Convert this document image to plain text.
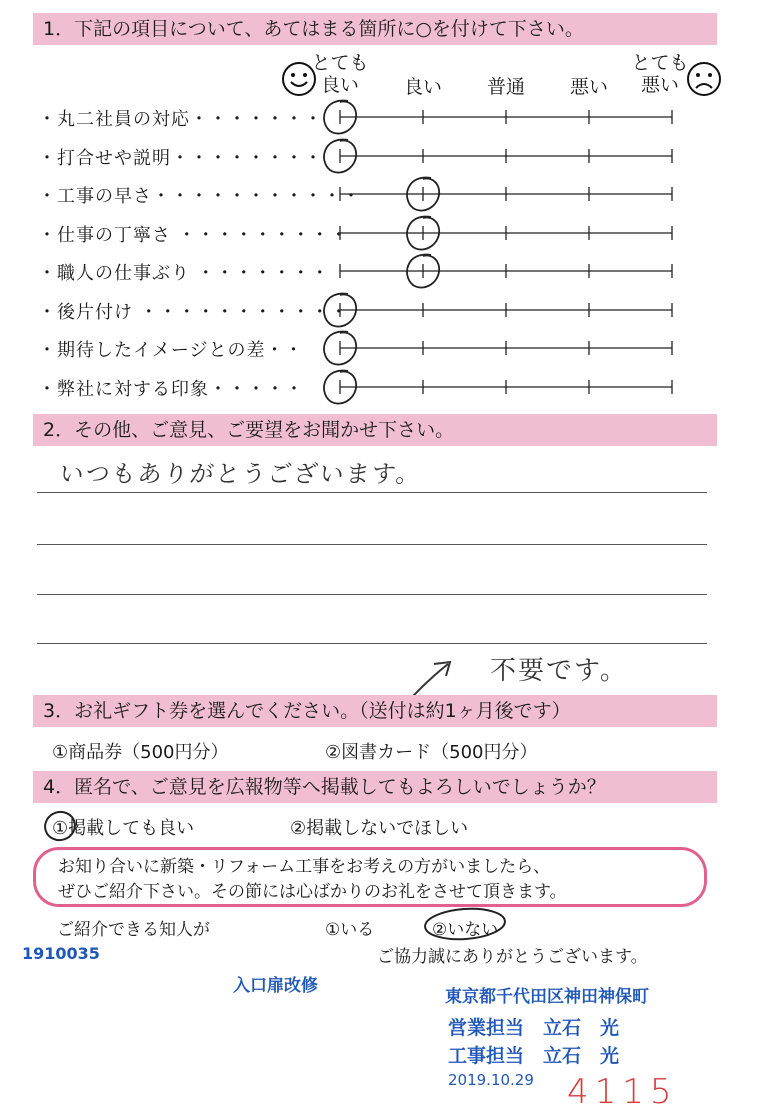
1．下記の項目について、あてはまる箇所に○を付けて下さい。
とても
良い	良い 普通 悪い
とても
悪い
・丸二社員の対応・・・・・・・
・打合せや説明・・・・・・・・
・工事の早さ・・・・・・・・・・・
・仕事の丁寧さ ・・・・・・・・・
・職人の仕事ぶり ・・・・・・・
・後片付け ・・・・・・・・・・・
・期待したイメージとの差・・
・弊社に対する印象・・・・・
2．その他、ご意見、ご要望をお聞かせ下さい。
いつもありがとうございます。
不要です。
3．お礼ギフト券を選んでください。（送付は約1ヶ月後です）
①商品券（500円分）	②図書カード（500円分）
4．匿名で、ご意見を広報物等へ掲載してもよろしいでしょうか？
①掲載しても良い	②掲載しないでほしい
お知り合いに新築・リフォーム工事をお考えの方がいましたら、
ぜひご紹介下さい。その節には心ばかりのお礼をさせて頂きます。
ご紹介できる知人が	①いる	②いない
ご協力誠にありがとうございます。
1910035
入口扉改修
東京都千代田区神田神保町
営業担当　立石　光
工事担当　立石　光
2019.10.29 4115
